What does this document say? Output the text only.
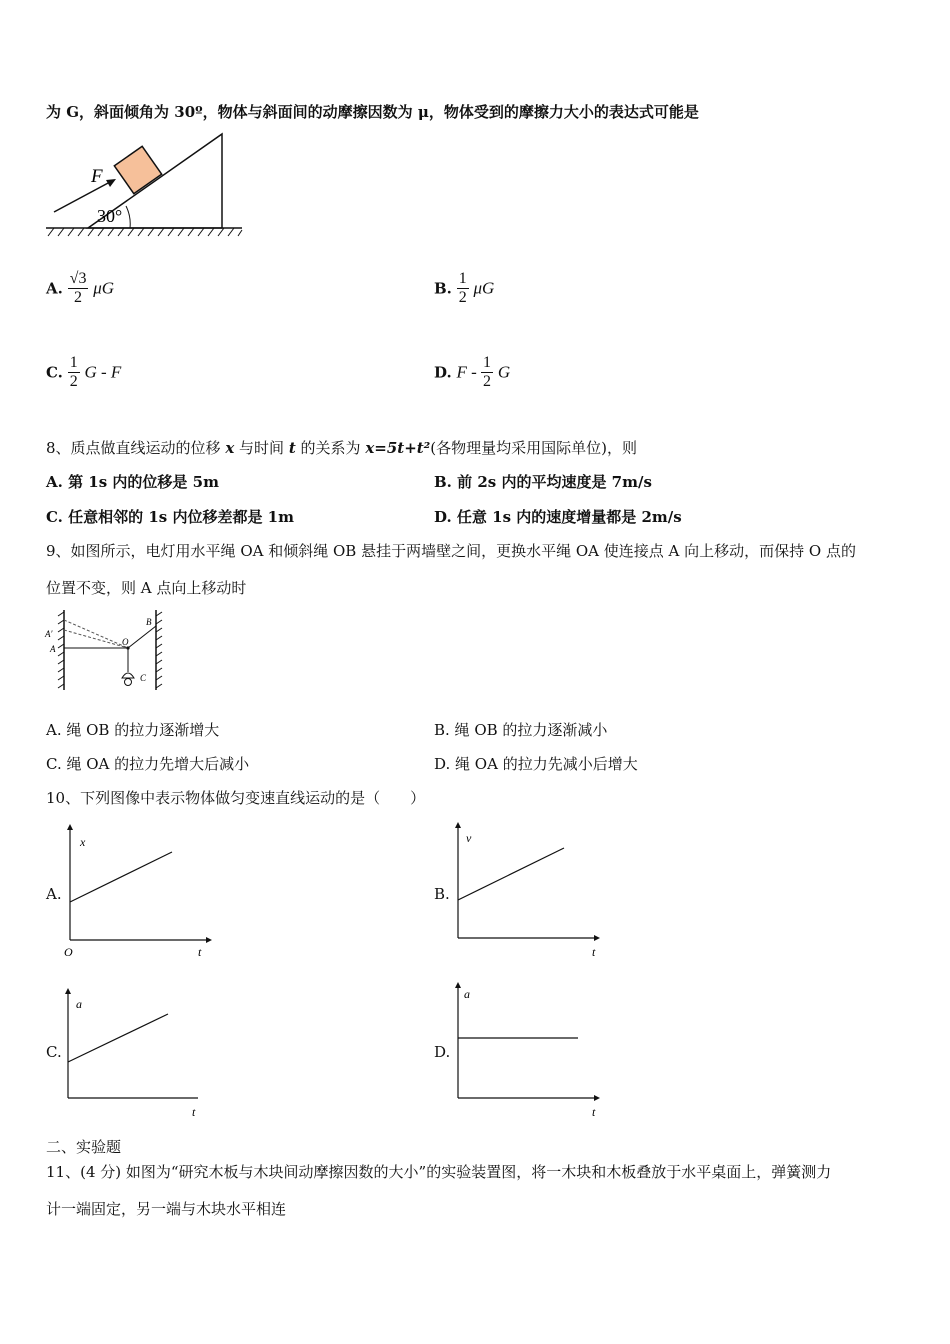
为 G，斜面倾角为 30º，物体与斜面间的动摩擦因数为 μ，物体受到的摩擦力大小的表达式可能是
F
30°
A. $\frac{√3}{2}$ μG	B. $\frac{1}{2}$ μG
C. $\frac{1}{2}$ G - F	D. F - $\frac{1}{2}$ G
8、质点做直线运动的位移 x 与时间 t 的关系为 x=5t+t²(各物理量均采用国际单位)，则
A. 第 1s 内的位移是 5m	B. 前 2s 内的平均速度是 7m/s
C. 任意相邻的 1s 内位移差都是 1m	D. 任意 1s 内的速度增量都是 2m/s
9、如图所示，电灯用水平绳 OA 和倾斜绳 OB 悬挂于两墙壁之间，更换水平绳 OA 使连接点 A 向上移动，而保持 O 点的
位置不变，则 A 点向上移动时
A′
A
O
B
C
A. 绳 OB 的拉力逐渐增大	B. 绳 OB 的拉力逐渐减小
C. 绳 OA 的拉力先增大后减小	D. 绳 OA 的拉力先减小后增大
10、下列图像中表示物体做匀变速直线运动的是（　　）
A.
x
t
O
B.
v
t
C.
a
t
D.
a
t
二、实验题
11、(4 分) 如图为“研究木板与木块间动摩擦因数的大小”的实验装置图，将一木块和木板叠放于水平桌面上，弹簧测力
计一端固定，另一端与木块水平相连
